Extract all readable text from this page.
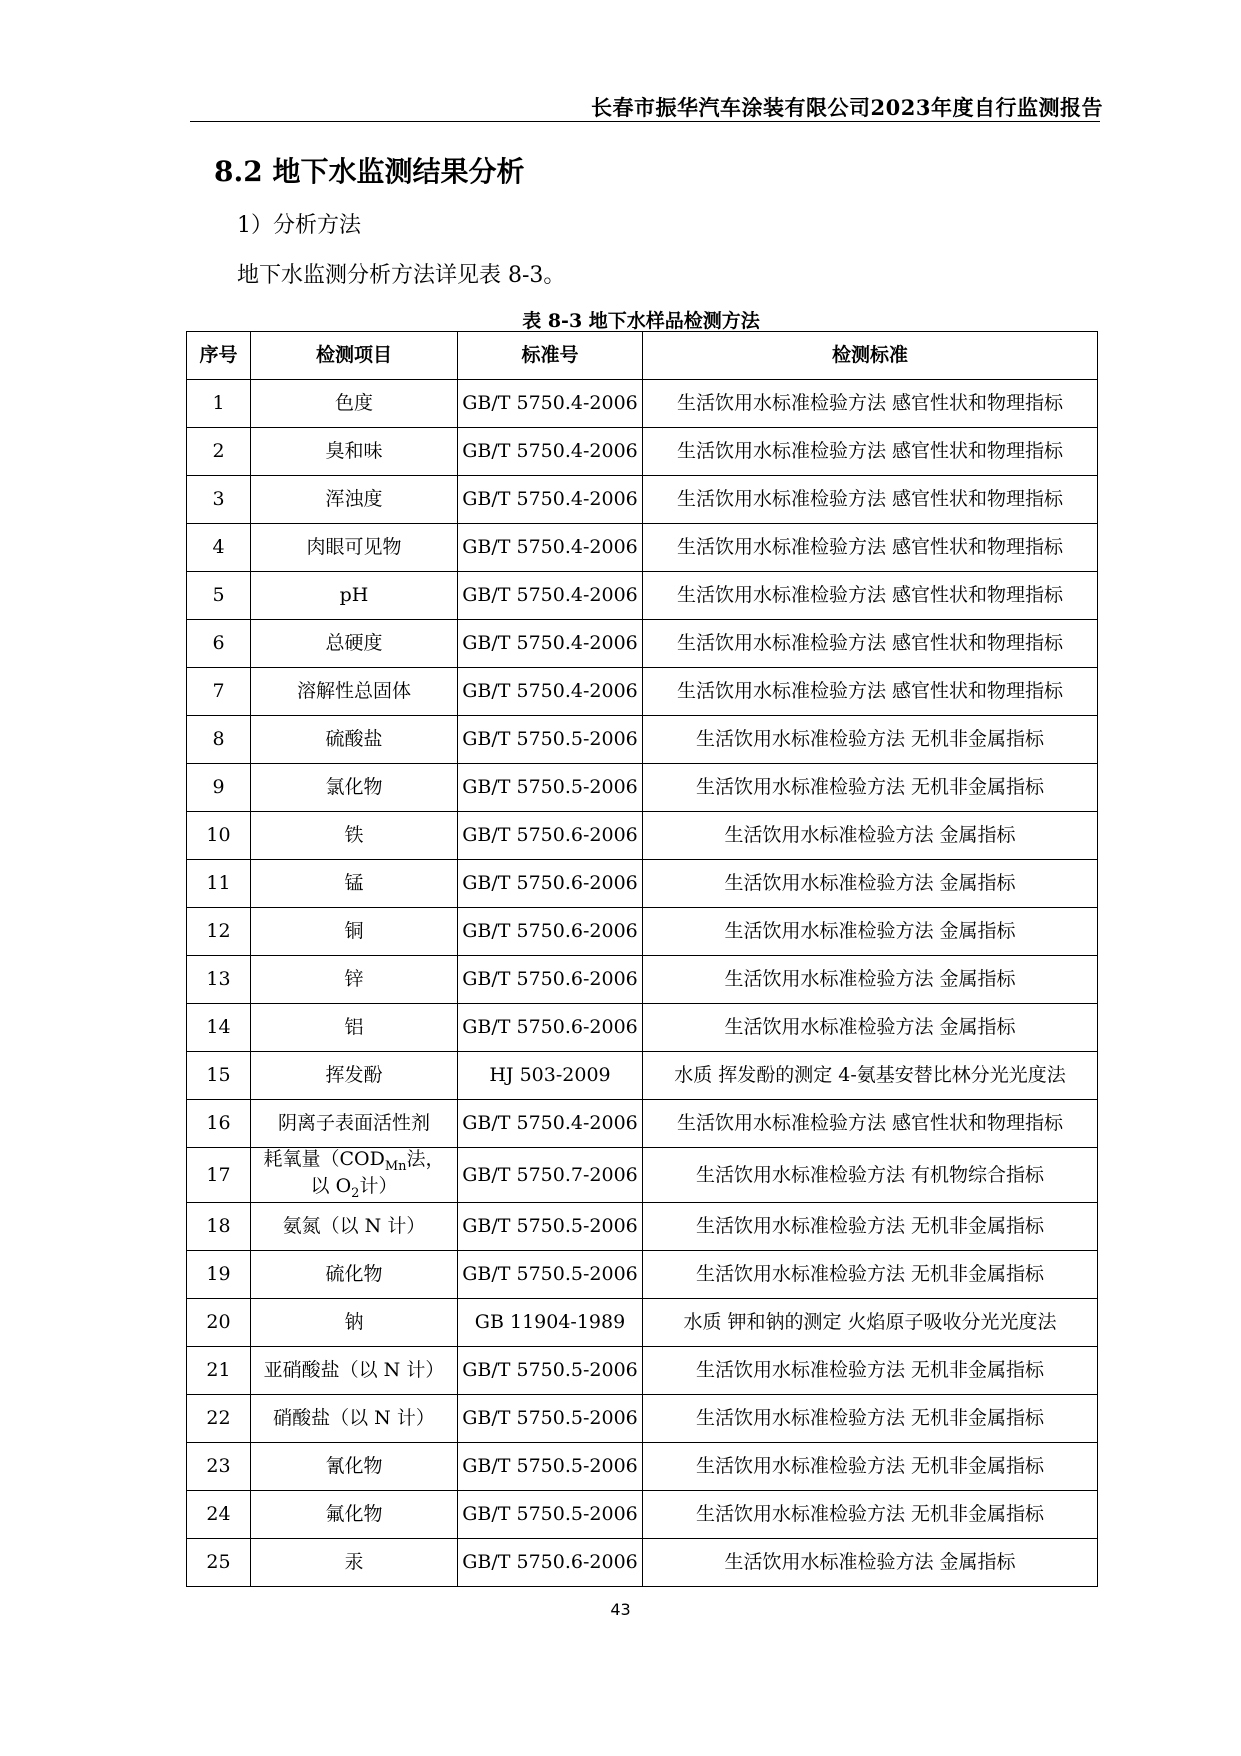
长春市振华汽车涂装有限公司2023年度自行监测报告
8.2 地下水监测结果分析
1）分析方法
地下水监测分析方法详见表 8-3。
表 8-3 地下水样品检测方法
序号	检测项目	标准号	检测标准
1	色度	GB/T 5750.4-2006	生活饮用水标准检验方法 感官性状和物理指标
2	臭和味	GB/T 5750.4-2006	生活饮用水标准检验方法 感官性状和物理指标
3	浑浊度	GB/T 5750.4-2006	生活饮用水标准检验方法 感官性状和物理指标
4	肉眼可见物	GB/T 5750.4-2006	生活饮用水标准检验方法 感官性状和物理指标
5	pH	GB/T 5750.4-2006	生活饮用水标准检验方法 感官性状和物理指标
6	总硬度	GB/T 5750.4-2006	生活饮用水标准检验方法 感官性状和物理指标
7	溶解性总固体	GB/T 5750.4-2006	生活饮用水标准检验方法 感官性状和物理指标
8	硫酸盐	GB/T 5750.5-2006	生活饮用水标准检验方法 无机非金属指标
9	氯化物	GB/T 5750.5-2006	生活饮用水标准检验方法 无机非金属指标
10	铁	GB/T 5750.6-2006	生活饮用水标准检验方法 金属指标
11	锰	GB/T 5750.6-2006	生活饮用水标准检验方法 金属指标
12	铜	GB/T 5750.6-2006	生活饮用水标准检验方法 金属指标
13	锌	GB/T 5750.6-2006	生活饮用水标准检验方法 金属指标
14	铝	GB/T 5750.6-2006	生活饮用水标准检验方法 金属指标
15	挥发酚	HJ 503-2009	水质 挥发酚的测定 4-氨基安替比林分光光度法
16	阴离子表面活性剂	GB/T 5750.4-2006	生活饮用水标准检验方法 感官性状和物理指标
17	耗氧量（$COD_{Mn}$法，
以 $O_2$计）	GB/T 5750.7-2006	生活饮用水标准检验方法 有机物综合指标
18	氨氮（以 N 计）	GB/T 5750.5-2006	生活饮用水标准检验方法 无机非金属指标
19	硫化物	GB/T 5750.5-2006	生活饮用水标准检验方法 无机非金属指标
20	钠	GB 11904-1989	水质 钾和钠的测定 火焰原子吸收分光光度法
21	亚硝酸盐（以 N 计）	GB/T 5750.5-2006	生活饮用水标准检验方法 无机非金属指标
22	硝酸盐（以 N 计）	GB/T 5750.5-2006	生活饮用水标准检验方法 无机非金属指标
23	氰化物	GB/T 5750.5-2006	生活饮用水标准检验方法 无机非金属指标
24	氟化物	GB/T 5750.5-2006	生活饮用水标准检验方法 无机非金属指标
25	汞	GB/T 5750.6-2006	生活饮用水标准检验方法 金属指标
43
